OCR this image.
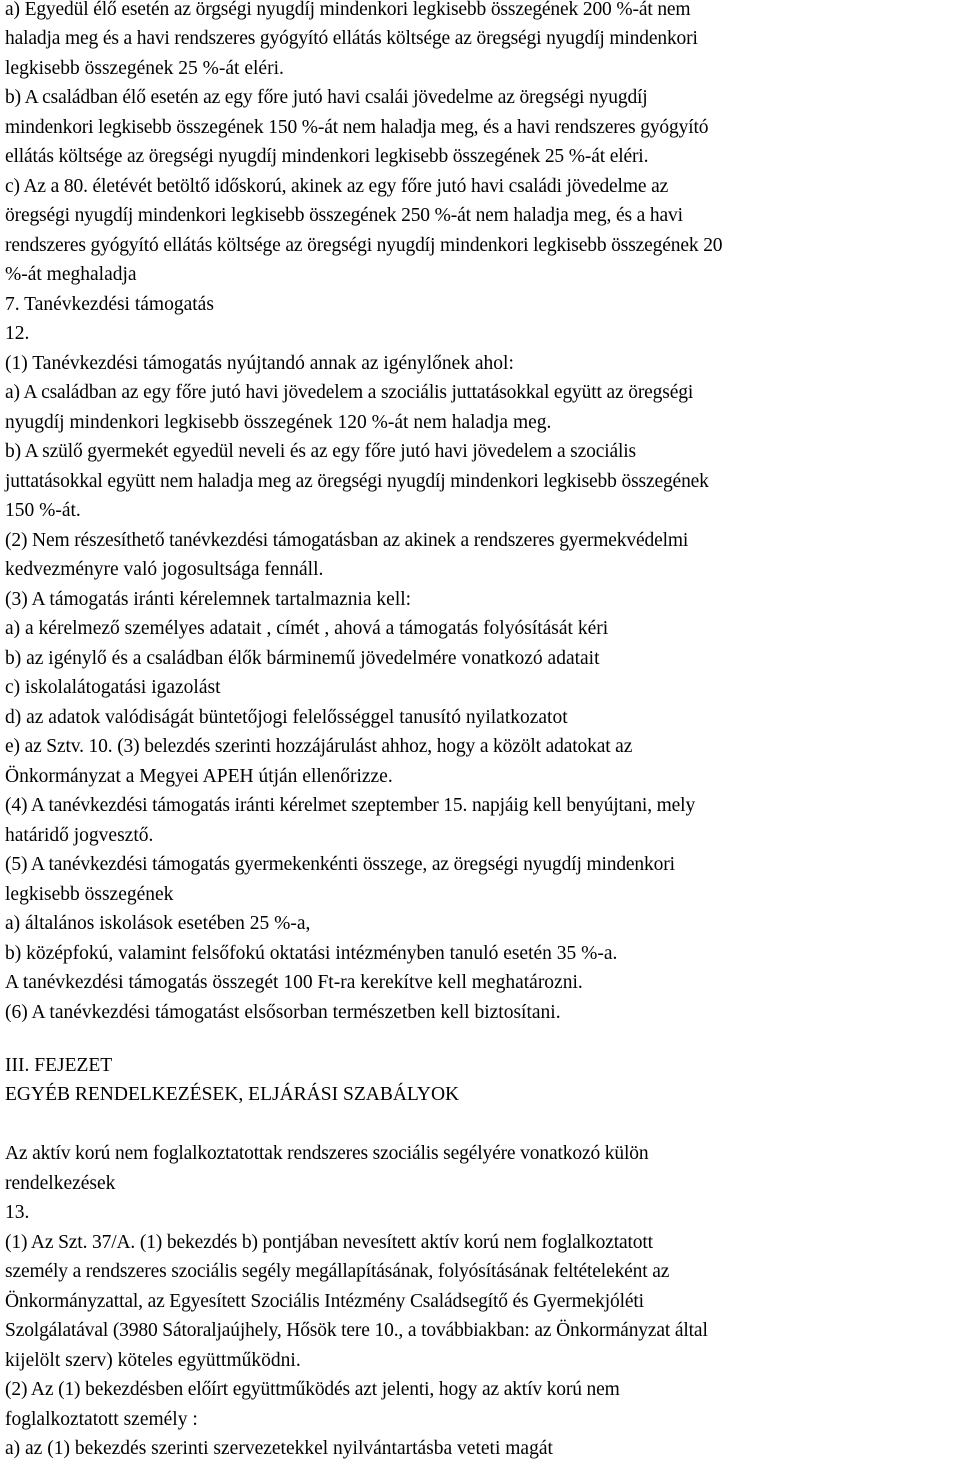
a) Egyedül élő esetén az örgségi nyugdíj mindenkori legkisebb összegének 200 %-át nem

haladja meg és a havi rendszeres gyógyító ellátás költsége az öregségi nyugdíj mindenkori

legkisebb összegének 25 %-át eléri.

b) A családban élő esetén az egy főre jutó havi csalái jövedelme az öregségi nyugdíj

mindenkori legkisebb összegének 150 %-át nem haladja meg, és a havi rendszeres gyógyító

ellátás költsége az öregségi nyugdíj mindenkori legkisebb összegének 25 %-át eléri.

c) Az a 80. életévét betöltő időskorú, akinek az egy főre jutó havi családi jövedelme az

öregségi nyugdíj mindenkori legkisebb összegének 250 %-át nem haladja meg, és a havi

rendszeres gyógyító ellátás költsége az öregségi nyugdíj mindenkori legkisebb összegének 20

%-át meghaladja

7. Tanévkezdési támogatás

12.

(1) Tanévkezdési támogatás nyújtandó annak az igénylőnek ahol:

a) A családban az egy főre jutó havi jövedelem a szociális juttatásokkal együtt az öregségi

nyugdíj mindenkori legkisebb összegének 120 %-át nem haladja meg.

b) A szülő gyermekét egyedül neveli és az egy főre jutó havi jövedelem a szociális

juttatásokkal együtt nem haladja meg az öregségi nyugdíj mindenkori legkisebb összegének

150 %-át.

(2) Nem részesíthető tanévkezdési támogatásban az akinek a rendszeres gyermekvédelmi

kedvezményre való jogosultsága fennáll.

(3) A támogatás iránti kérelemnek tartalmaznia kell:

a) a kérelmező személyes adatait , címét , ahová a támogatás folyósítását kéri

b) az igénylő és a családban élők bárminemű jövedelmére vonatkozó adatait

c) iskolalátogatási igazolást

d) az adatok valódiságát büntetőjogi felelősséggel tanusító nyilatkozatot

e) az Sztv. 10. (3) belezdés szerinti hozzájárulást ahhoz, hogy a közölt adatokat az

Önkormányzat a Megyei APEH útján ellenőrizze.

(4) A tanévkezdési támogatás iránti kérelmet szeptember 15. napjáig kell benyújtani, mely

határidő jogvesztő.

(5) A tanévkezdési támogatás gyermekenkénti összege, az öregségi nyugdíj mindenkori

legkisebb összegének

a) általános iskolások esetében 25 %-a,

b) középfokú, valamint felsőfokú oktatási intézményben tanuló esetén 35 %-a.

A tanévkezdési támogatás összegét 100 Ft-ra kerekítve kell meghatározni.

(6) A tanévkezdési támogatást elsősorban természetben kell biztosítani.

III. FEJEZET

EGYÉB RENDELKEZÉSEK, ELJÁRÁSI SZABÁLYOK

Az aktív korú nem foglalkoztatottak rendszeres szociális segélyére vonatkozó külön

rendelkezések

13.

(1) Az Szt. 37/A. (1) bekezdés b) pontjában nevesített aktív korú nem foglalkoztatott

személy a rendszeres szociális segély megállapításának, folyósításának feltételeként az

Önkormányzattal, az Egyesített Szociális Intézmény Családsegítő és Gyermekjóléti

Szolgálatával (3980 Sátoraljaújhely, Hősök tere 10., a továbbiakban: az Önkormányzat által

kijelölt szerv) köteles együttműködni.

(2) Az (1) bekezdésben előírt együttműködés azt jelenti, hogy az aktív korú nem

foglalkoztatott személy :

a) az (1) bekezdés szerinti szervezetekkel nyilvántartásba veteti magát
